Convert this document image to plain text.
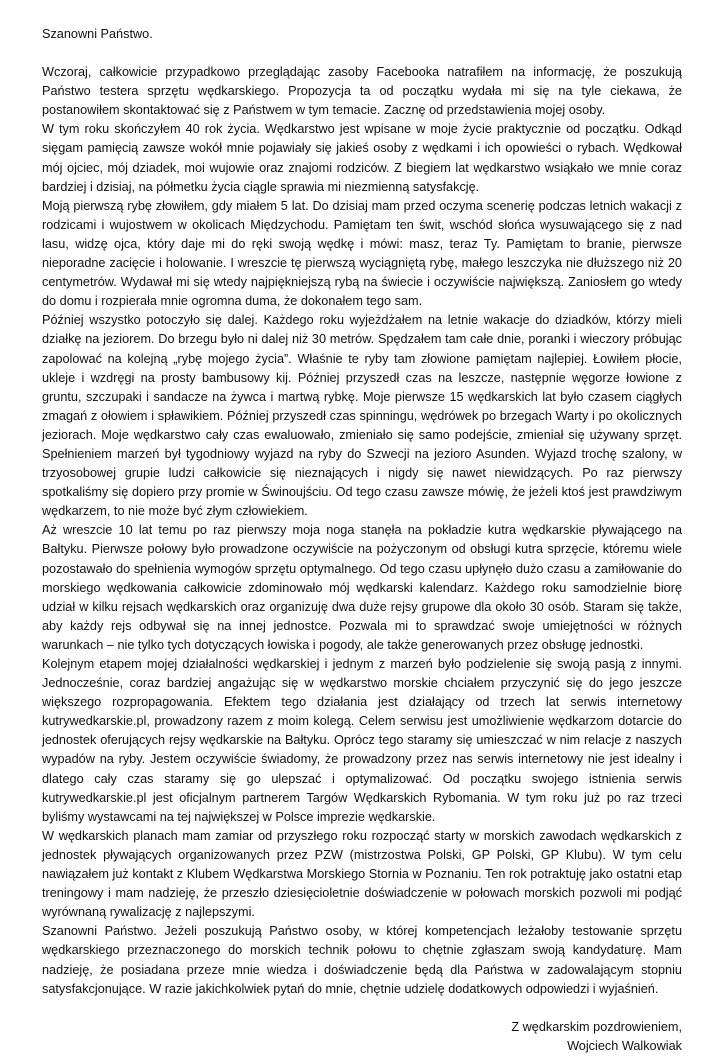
Szanowni Państwo.

Wczoraj, całkowicie przypadkowo przeglądając zasoby Facebooka natrafiłem na informację, że poszukują Państwo testera sprzętu wędkarskiego. Propozycja ta od początku wydała mi się na tyle ciekawa, że postanowiłem skontaktować się z Państwem w tym temacie. Zacznę od przedstawienia mojej osoby.

W tym roku skończyłem 40 rok życia. Wędkarstwo jest wpisane w moje życie praktycznie od początku. Odkąd sięgam pamięcią zawsze wokół mnie pojawiały się jakieś osoby z wędkami i ich opowieści o rybach. Wędkował mój ojciec, mój dziadek, moi wujowie oraz znajomi rodziców. Z biegiem lat wędkarstwo wsiąkało we mnie coraz bardziej i dzisiaj, na półmetku życia ciągle sprawia mi niezmienną satysfakcję.

Moją pierwszą rybę złowiłem, gdy miałem 5 lat. Do dzisiaj mam przed oczyma scenerię podczas letnich wakacji z rodzicami i wujostwem w okolicach Międzychodu. Pamiętam ten świt, wschód słońca wysuwającego się z nad lasu, widzę ojca, który daje mi do ręki swoją wędkę i mówi: masz, teraz Ty. Pamiętam to branie, pierwsze nieporadne zacięcie i holowanie. I wreszcie tę pierwszą wyciągniętą rybę, małego leszczyka nie dłuższego niż 20 centymetrów. Wydawał mi się wtedy najpiękniejszą rybą na świecie i oczywiście największą. Zaniosłem go wtedy do domu i rozpierała mnie ogromna duma, że dokonałem tego sam.

Później wszystko potoczyło się dalej. Każdego roku wyjeżdżałem na letnie wakacje do dziadków, którzy mieli działkę na jeziorem. Do brzegu było ni dalej niż 30 metrów. Spędzałem tam całe dnie, poranki i wieczory próbując zapolować na kolejną „rybę mojego życia”. Właśnie te ryby tam złowione pamiętam najlepiej. Łowiłem płocie, ukleje i wzdręgi na prosty bambusowy kij. Później przyszedł czas na leszcze, następnie węgorze łowione z gruntu, szczupaki i sandacze na żywca i martwą rybkę. Moje pierwsze 15 wędkarskich lat było czasem ciągłych zmagań z ołowiem i spławikiem. Później przyszedł czas spinningu, wędrówek po brzegach Warty i po okolicznych jeziorach. Moje wędkarstwo cały czas ewaluowało, zmieniało się samo podejście, zmieniał się używany sprzęt. Spełnieniem marzeń był tygodniowy wyjazd na ryby do Szwecji na jezioro Asunden. Wyjazd trochę szalony, w trzyosobowej grupie ludzi całkowicie się nieznających i nigdy się nawet niewidzących. Po raz pierwszy spotkaliśmy się dopiero przy promie w Świnoujściu. Od tego czasu zawsze mówię, że jeżeli ktoś jest prawdziwym wędkarzem, to nie może być złym człowiekiem.

Aż wreszcie 10 lat temu po raz pierwszy moja noga stanęła na pokładzie kutra wędkarskie pływającego na Bałtyku. Pierwsze połowy było prowadzone oczywiście na pożyczonym od obsługi kutra sprzęcie, któremu wiele pozostawało do spełnienia wymogów sprzętu optymalnego. Od tego czasu upłynęło dużo czasu a zamiłowanie do morskiego wędkowania całkowicie zdominowało mój wędkarski kalendarz. Każdego roku samodzielnie biorę udział w kilku rejsach wędkarskich oraz organizuję dwa duże rejsy grupowe dla około 30 osób. Staram się także, aby każdy rejs odbywał się na innej jednostce. Pozwala mi to sprawdzać swoje umiejętności w różnych warunkach – nie tylko tych dotyczących łowiska i pogody, ale także generowanych przez obsługę jednostki.

Kolejnym etapem mojej działalności wędkarskiej i jednym z marzeń było podzielenie się swoją pasją z innymi. Jednocześnie, coraz bardziej angażując się w wędkarstwo morskie chciałem przyczynić się do jego jeszcze większego rozpropagowania. Efektem tego działania jest działający od trzech lat serwis internetowy kutrywedkarskie.pl, prowadzony razem z moim kolegą. Celem serwisu jest umożliwienie wędkarzom dotarcie do jednostek oferujących rejsy wędkarskie na Bałtyku. Oprócz tego staramy się umieszczać w nim relacje z naszych wypadów na ryby. Jestem oczywiście świadomy, że prowadzony przez nas serwis internetowy nie jest idealny i dlatego cały czas staramy się go ulepszać i optymalizować. Od początku swojego istnienia serwis kutrywedkarskie.pl jest oficjalnym partnerem Targów Wędkarskich Rybomania. W tym roku już po raz trzeci byliśmy wystawcami na tej największej w Polsce imprezie wędkarskie.

W wędkarskich planach mam zamiar od przyszłego roku rozpocząć starty w morskich zawodach wędkarskich z jednostek pływających organizowanych przez PZW (mistrzostwa Polski, GP Polski, GP Klubu). W tym celu nawiązałem już kontakt z Klubem Wędkarstwa Morskiego Stornia w Poznaniu. Ten rok potraktuję jako ostatni etap treningowy i mam nadzieję, że przeszło dziesięcioletnie doświadczenie w połowach morskich pozwoli mi podjąć wyrównaną rywalizację z najlepszymi.

Szanowni Państwo. Jeżeli poszukują Państwo osoby, w której kompetencjach leżałoby testowanie sprzętu wędkarskiego przeznaczonego do morskich technik połowu to chętnie zgłaszam swoją kandydaturę. Mam nadzieję, że posiadana przeze mnie wiedza i doświadczenie będą dla Państwa w zadowalającym stopniu satysfakcjonujące. W razie jakichkolwiek pytań do mnie, chętnie udzielę dodatkowych odpowiedzi i wyjaśnień.

Z wędkarskim pozdrowieniem,
Wojciech Walkowiak
